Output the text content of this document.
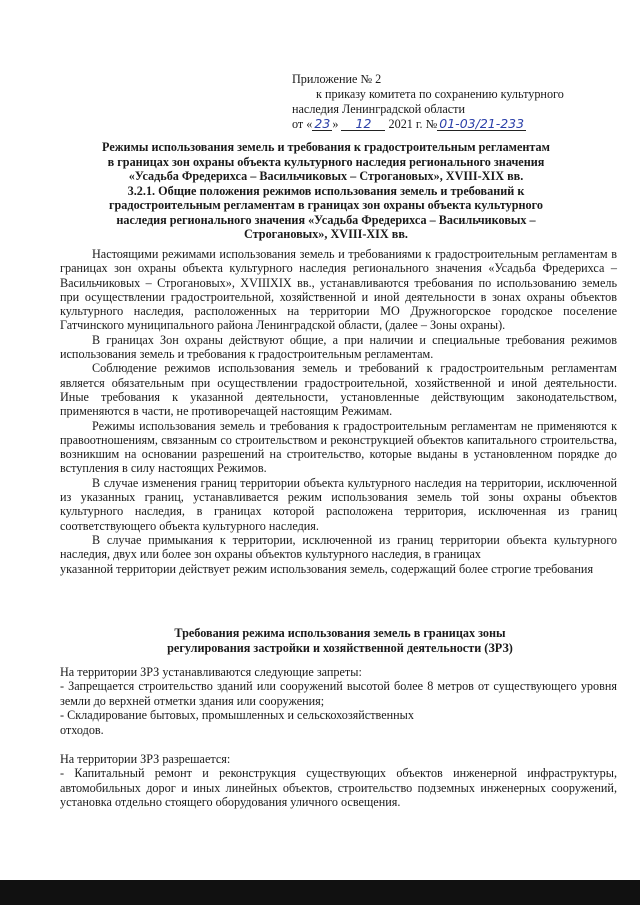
Приложение № 2
к приказу комитета по сохранению культурного
наследия Ленинградской области
от « 23 » 12 2021 г. № 01-03/21-233
Режимы использования земель и требования к градостроительным регламентам
в границах зон охраны объекта культурного наследия регионального значения
«Усадьба Фредерихса – Васильчиковых – Строгановых», XVIII-XIX вв.
3.2.1. Общие положения режимов использования земель и требований к
градостроительным регламентам в границах зон охраны объекта культурного
наследия регионального значения «Усадьба Фредерихса – Васильчиковых –
Строгановых», XVIII-XIX вв.

Настоящими режимами использования земель и требованиями к градостроительным регламентам в границах зон охраны объекта культурного наследия регионального значения «Усадьба Фредерихса – Васильчиковых – Строгановых», XVIIIXIX вв., устанавливаются требования по использованию земель при осуществлении градостроительной, хозяйственной и иной деятельности в зонах охраны объектов культурного наследия, расположенных на территории МО Дружногорское городское поселение Гатчинского муниципального района Ленинградской области, (далее – Зоны охраны).

В границах Зон охраны действуют общие, а при наличии и специальные требования режимов использования земель и требования к градостроительным регламентам.

Соблюдение режимов использования земель и требований к градостроительным регламентам является обязательным при осуществлении градостроительной, хозяйственной и иной деятельности. Иные требования к указанной деятельности, установленные действующим законодательством, применяются в части, не противоречащей настоящим Режимам.

Режимы использования земель и требования к градостроительным регламентам не применяются к правоотношениям, связанным со строительством и реконструкцией объектов капитального строительства, возникшим на основании разрешений на строительство, которые выданы в установленном порядке до вступления в силу настоящих Режимов.

В случае изменения границ территории объекта культурного наследия на территории, исключенной из указанных границ, устанавливается режим использования земель той зоны охраны объектов культурного наследия, в границах которой расположена территория, исключенная из границ соответствующего объекта культурного наследия.

В случае примыкания к территории, исключенной из границ территории объекта культурного наследия, двух или более зон охраны объектов культурного наследия, в границах

указанной территории действует режим использования земель, содержащий более строгие требования

Требования режима использования земель в границах зоны
регулирования застройки и хозяйственной деятельности (ЗРЗ)

На территории ЗРЗ устанавливаются следующие запреты:

- Запрещается строительство зданий или сооружений высотой более 8 метров от существующего уровня земли до верхней отметки здания или сооружения;

- Складирование бытовых, промышленных и сельскохозяйственных

отходов.

На территории ЗРЗ разрешается:

- Капитальный ремонт и реконструкция существующих объектов инженерной инфраструктуры, автомобильных дорог и иных линейных объектов, строительство подземных инженерных сооружений, установка отдельно стоящего оборудования уличного освещения.
